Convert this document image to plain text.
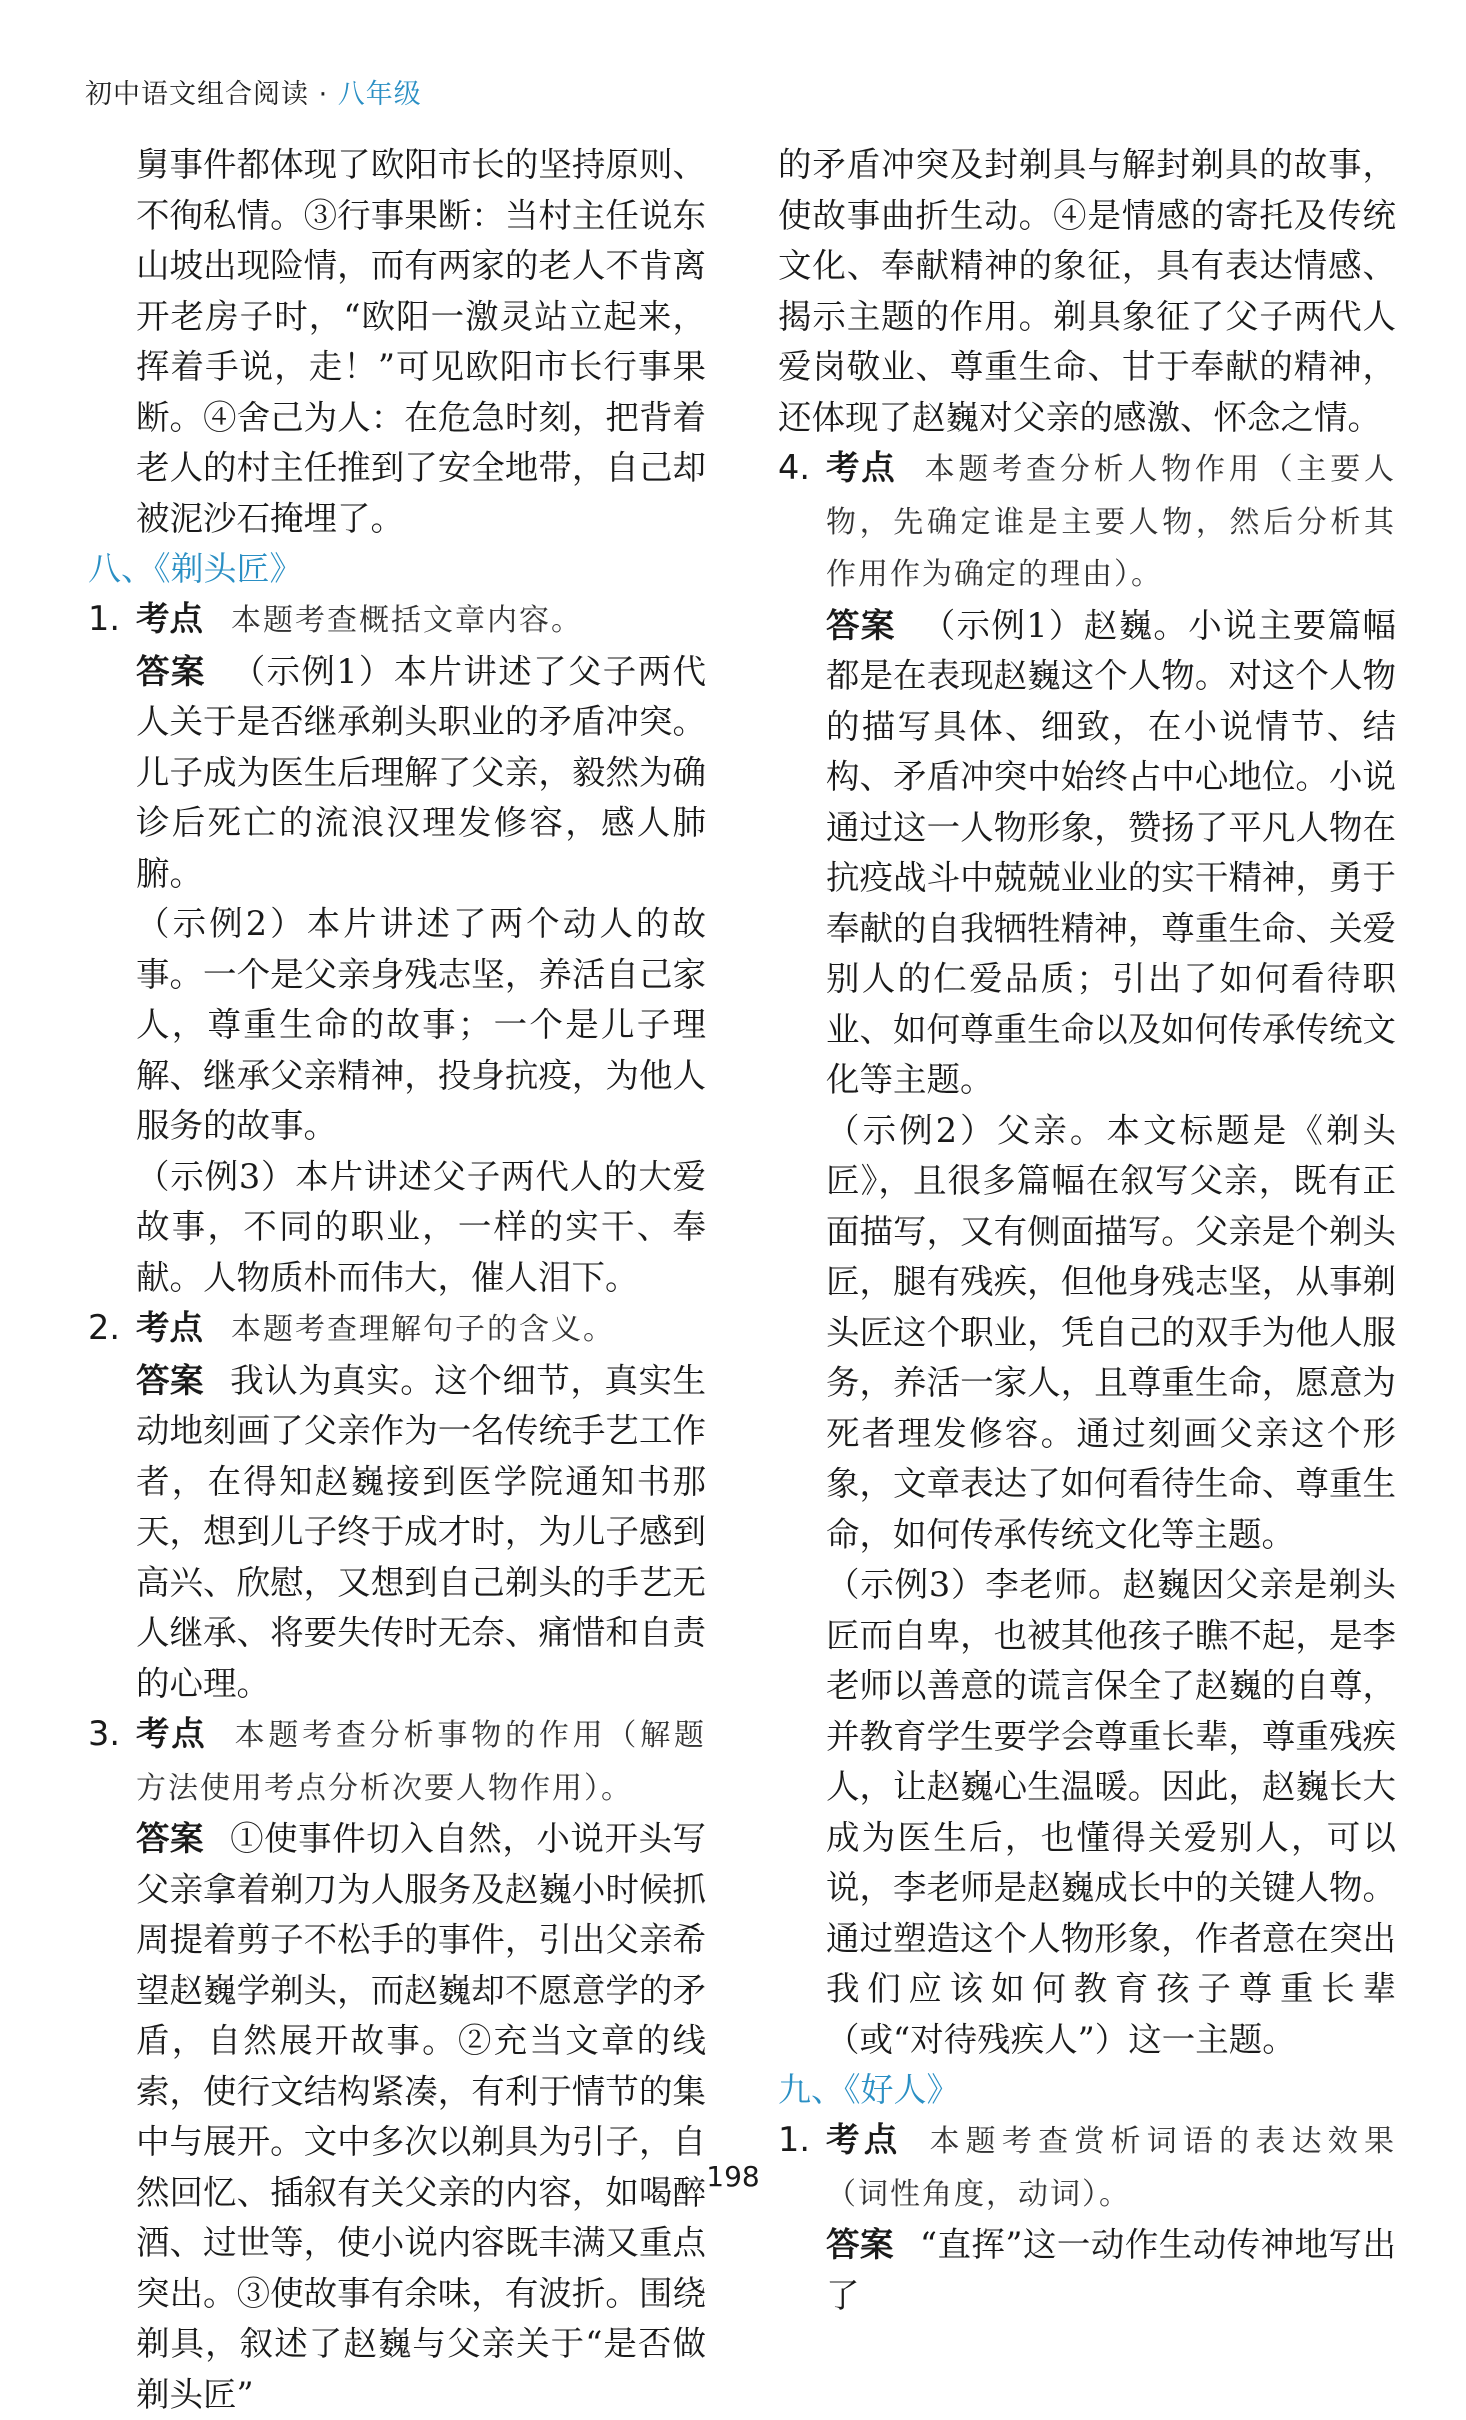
初中语文组合阅读 · 八年级

舅事件都体现了欧阳市长的坚持原则、不徇私情。③行事果断：当村主任说东山坡出现险情，而有两家的老人不肯离开老房子时，“欧阳一激灵站立起来，挥着手说，走！”可见欧阳市长行事果断。④舍己为人：在危急时刻，把背着老人的村主任推到了安全地带，自己却被泥沙石掩埋了。

八、《剃头匠》
1. 考点 本题考查概括文章内容。

答案 （示例1）本片讲述了父子两代人关于是否继承剃头职业的矛盾冲突。儿子成为医生后理解了父亲，毅然为确诊后死亡的流浪汉理发修容，感人肺腑。

（示例2）本片讲述了两个动人的故事。一个是父亲身残志坚，养活自己家人，尊重生命的故事；一个是儿子理解、继承父亲精神，投身抗疫，为他人服务的故事。

（示例3）本片讲述父子两代人的大爱故事，不同的职业，一样的实干、奉献。人物质朴而伟大，催人泪下。

2. 考点 本题考查理解句子的含义。

答案 我认为真实。这个细节，真实生动地刻画了父亲作为一名传统手艺工作者，在得知赵巍接到医学院通知书那天，想到儿子终于成才时，为儿子感到高兴、欣慰，又想到自己剃头的手艺无人继承、将要失传时无奈、痛惜和自责的心理。

3. 考点 本题考查分析事物的作用（解题方法使用考点分析次要人物作用）。

答案 ①使事件切入自然，小说开头写父亲拿着剃刀为人服务及赵巍小时候抓周提着剪子不松手的事件，引出父亲希望赵巍学剃头，而赵巍却不愿意学的矛盾，自然展开故事。②充当文章的线索，使行文结构紧凑，有利于情节的集中与展开。文中多次以剃具为引子，自然回忆、插叙有关父亲的内容，如喝醉酒、过世等，使小说内容既丰满又重点突出。③使故事有余味，有波折。围绕剃具，叙述了赵巍与父亲关于“是否做剃头匠”

的矛盾冲突及封剃具与解封剃具的故事，使故事曲折生动。④是情感的寄托及传统文化、奉献精神的象征，具有表达情感、揭示主题的作用。剃具象征了父子两代人爱岗敬业、尊重生命、甘于奉献的精神，还体现了赵巍对父亲的感激、怀念之情。

4. 考点 本题考查分析人物作用（主要人物，先确定谁是主要人物，然后分析其作用作为确定的理由）。

答案 （示例1）赵巍。小说主要篇幅都是在表现赵巍这个人物。对这个人物的描写具体、细致，在小说情节、结构、矛盾冲突中始终占中心地位。小说通过这一人物形象，赞扬了平凡人物在抗疫战斗中兢兢业业的实干精神，勇于奉献的自我牺牲精神，尊重生命、关爱别人的仁爱品质；引出了如何看待职业、如何尊重生命以及如何传承传统文化等主题。

（示例2）父亲。本文标题是《剃头匠》，且很多篇幅在叙写父亲，既有正面描写，又有侧面描写。父亲是个剃头匠，腿有残疾，但他身残志坚，从事剃头匠这个职业，凭自己的双手为他人服务，养活一家人，且尊重生命，愿意为死者理发修容。通过刻画父亲这个形象，文章表达了如何看待生命、尊重生命，如何传承传统文化等主题。

（示例3）李老师。赵巍因父亲是剃头匠而自卑，也被其他孩子瞧不起，是李老师以善意的谎言保全了赵巍的自尊，并教育学生要学会尊重长辈，尊重残疾人，让赵巍心生温暖。因此，赵巍长大成为医生后，也懂得关爱别人，可以说，李老师是赵巍成长中的关键人物。通过塑造这个人物形象，作者意在突出我们应该如何教育孩子尊重长辈（或“对待残疾人”）这一主题。

九、《好人》
1. 考点 本题考查赏析词语的表达效果（词性角度，动词）。

答案 “直挥”这一动作生动传神地写出了

198
